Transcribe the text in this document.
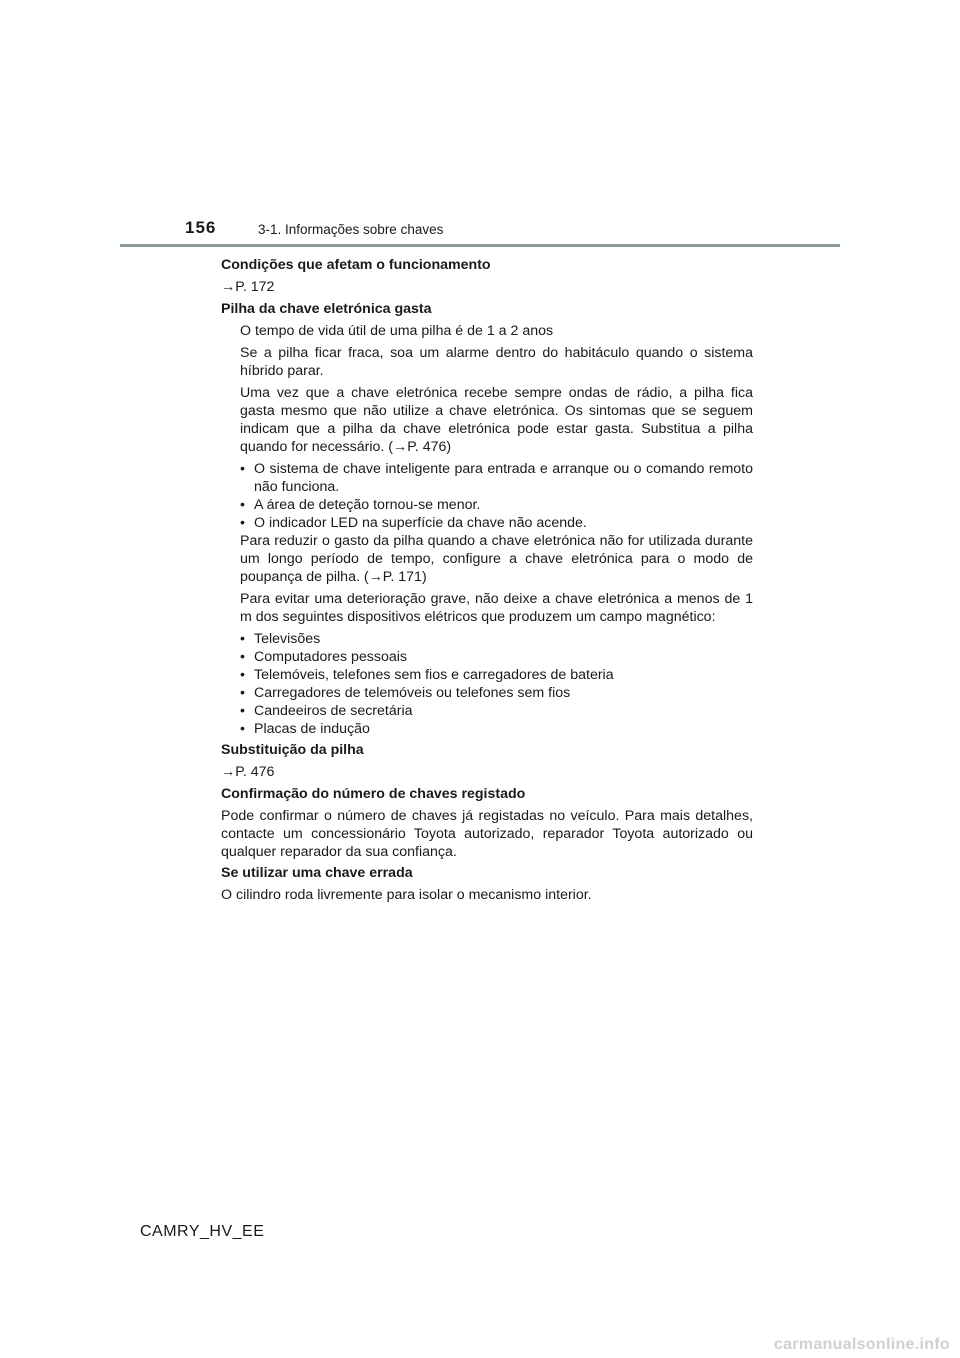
156	3-1. Informações sobre chaves

Condições que afetam o funcionamento

→P. 172

Pilha da chave eletrónica gasta

O tempo de vida útil de uma pilha é de 1 a 2 anos

Se a pilha ficar fraca, soa um alarme dentro do habitáculo quando o sistema híbrido parar.

Uma vez que a chave eletrónica recebe sempre ondas de rádio, a pilha fica gasta mesmo que não utilize a chave eletrónica. Os sintomas que se seguem indicam que a pilha da chave eletrónica pode estar gasta. Substitua a pilha quando for necessário. (→P. 476)

• O sistema de chave inteligente para entrada e arranque ou o comando remoto não funciona.
• A área de deteção tornou-se menor.
• O indicador LED na superfície da chave não acende.

Para reduzir o gasto da pilha quando a chave eletrónica não for utilizada durante um longo período de tempo, configure a chave eletrónica para o modo de poupança de pilha. (→P. 171)

Para evitar uma deterioração grave, não deixe a chave eletrónica a menos de 1 m dos seguintes dispositivos elétricos que produzem um campo magnético:

• Televisões
• Computadores pessoais
• Telemóveis, telefones sem fios e carregadores de bateria
• Carregadores de telemóveis ou telefones sem fios
• Candeeiros de secretária
• Placas de indução

Substituição da pilha

→P. 476

Confirmação do número de chaves registado

Pode confirmar o número de chaves já registadas no veículo. Para mais detalhes, contacte um concessionário Toyota autorizado, reparador Toyota autorizado ou qualquer reparador da sua confiança.

Se utilizar uma chave errada

O cilindro roda livremente para isolar o mecanismo interior.

CAMRY_HV_EE
carmanualsonline.info
